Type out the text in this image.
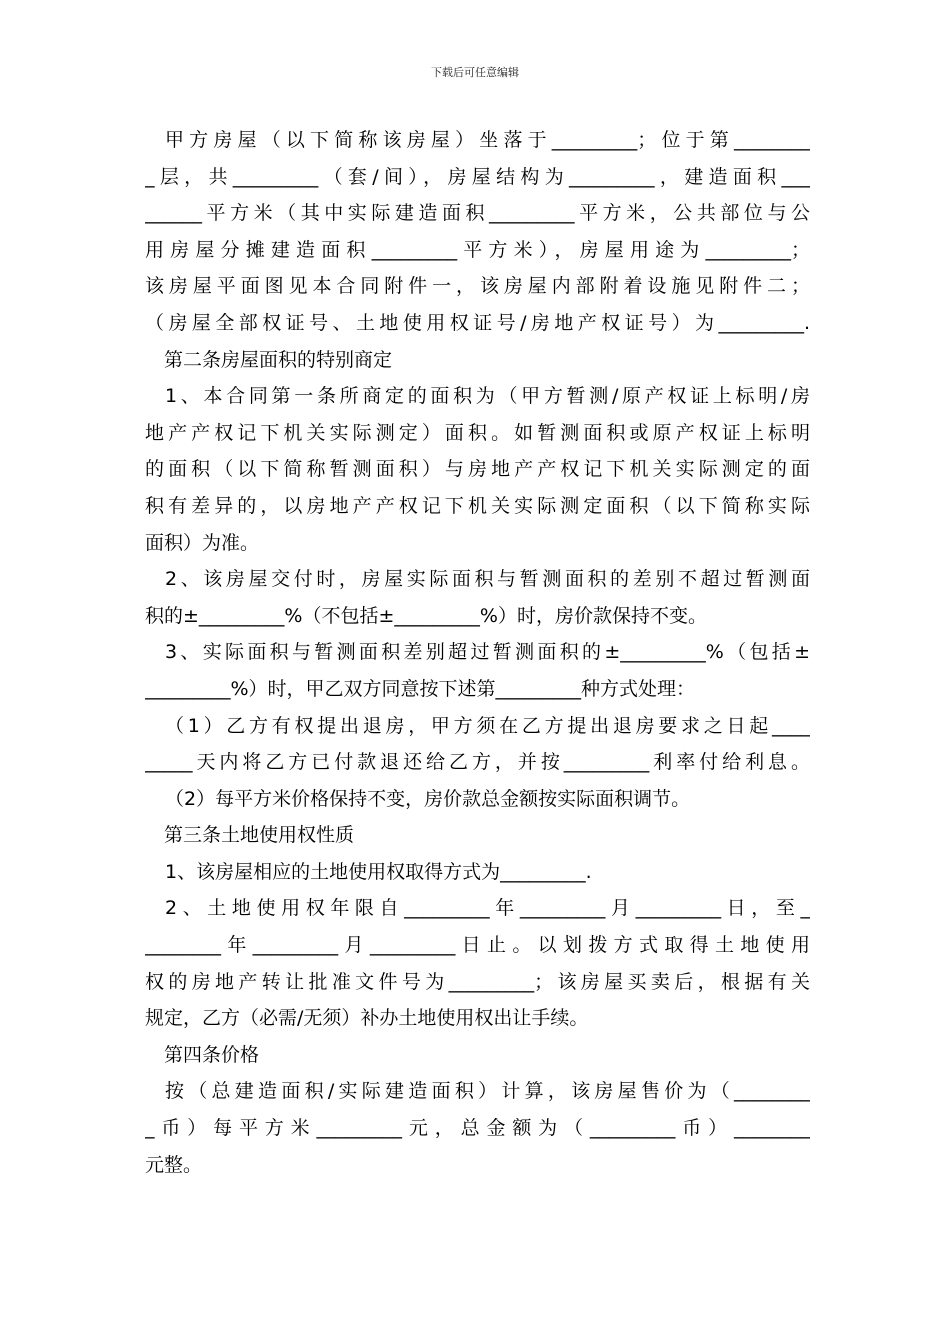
下载后可任意编辑
甲方房屋（以下简称该房屋）坐落于_________；位于第________
_层，共_________（套/间），房屋结构为_________，建造面积___
______平方米（其中实际建造面积_________平方米，公共部位与公
用房屋分摊建造面积_________平方米），房屋用途为_________；
该房屋平面图见本合同附件一，该房屋内部附着设施见附件二；
（房屋全部权证号、土地使用权证号/房地产权证号）为_________.
第二条房屋面积的特别商定
1、本合同第一条所商定的面积为（甲方暂测/原产权证上标明/房
地产产权记下机关实际测定）面积。如暂测面积或原产权证上标明
的面积（以下简称暂测面积）与房地产产权记下机关实际测定的面
积有差异的，以房地产产权记下机关实际测定面积（以下简称实际
面积）为准。
2、该房屋交付时，房屋实际面积与暂测面积的差别不超过暂测面
积的±_________%（不包括±_________%）时，房价款保持不变。
3、实际面积与暂测面积差别超过暂测面积的±_________%（包括±
_________%）时，甲乙双方同意按下述第_________种方式处理：
（1）乙方有权提出退房，甲方须在乙方提出退房要求之日起____
_____天内将乙方已付款退还给乙方，并按_________利率付给利息。
（2）每平方米价格保持不变，房价款总金额按实际面积调节。
第三条土地使用权性质
1、该房屋相应的土地使用权取得方式为_________.
2、土地使用权年限自_________年_________月_________日，至_
________年_________月_________日止。以划拨方式取得土地使用
权的房地产转让批准文件号为_________；该房屋买卖后，根据有关
规定，乙方（必需/无须）补办土地使用权出让手续。
第四条价格
按（总建造面积/实际建造面积）计算，该房屋售价为（________
_币）每平方米_________元，总金额为（_________币）________
元整。
